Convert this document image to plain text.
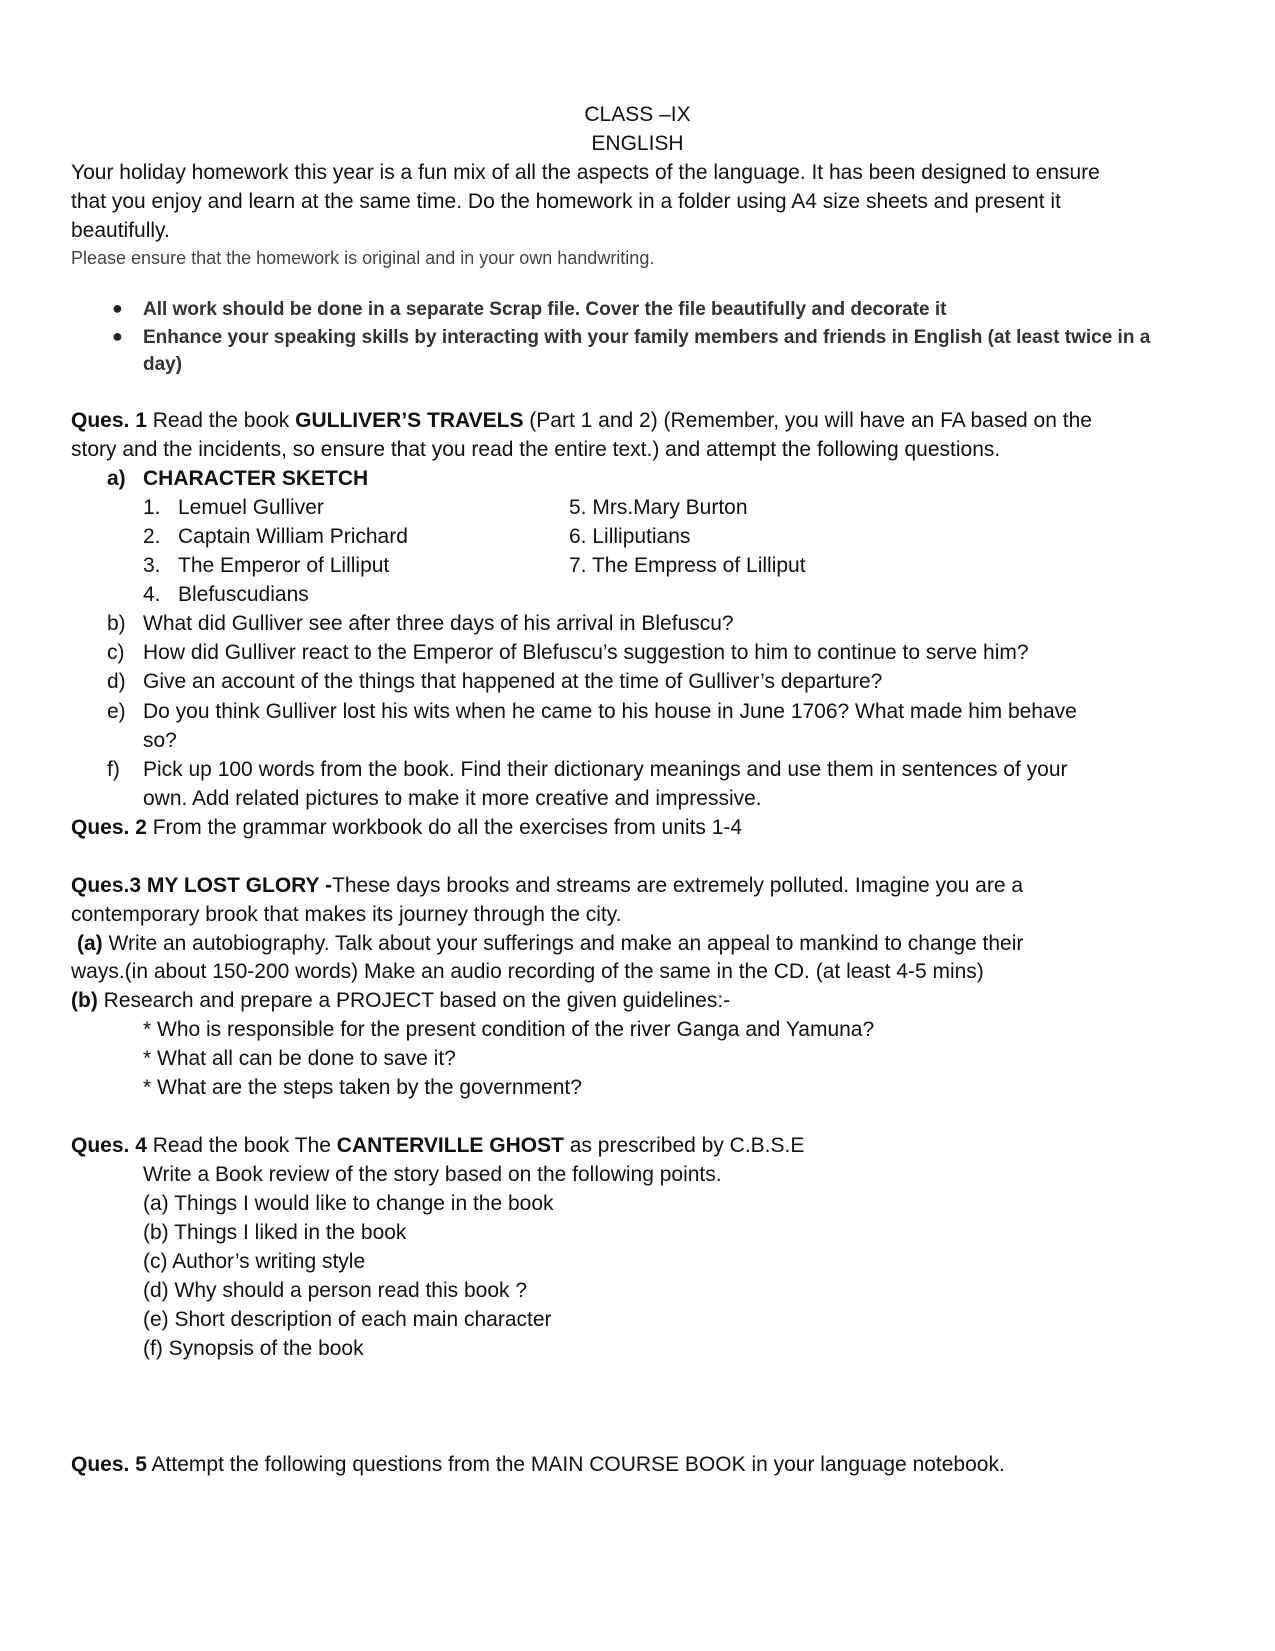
CLASS –IX
ENGLISH
Your holiday homework this year is a fun mix of all the aspects of the language. It has been designed to ensure
that you enjoy and learn at the same time. Do the homework in a folder using A4 size sheets and present it
beautifully.
Please ensure that the homework is original and in your own handwriting.
● All work should be done in a separate Scrap file. Cover the file beautifully and decorate it
● Enhance your speaking skills by interacting with your family members and friends in English (at least twice in a
day)
Ques. 1 Read the book GULLIVER’S TRAVELS (Part 1 and 2) (Remember, you will have an FA based on the
story and the incidents, so ensure that you read the entire text.) and attempt the following questions.
a) CHARACTER SKETCH
1. Lemuel Gulliver
2. Captain William Prichard
3. The Emperor of Lilliput
4. Blefuscudians
5. Mrs.Mary Burton
6. Lilliputians
7. The Empress of Lilliput
b) What did Gulliver see after three days of his arrival in Blefuscu?
c) How did Gulliver react to the Emperor of Blefuscu’s suggestion to him to continue to serve him?
d) Give an account of the things that happened at the time of Gulliver’s departure?
e) Do you think Gulliver lost his wits when he came to his house in June 1706? What made him behave
so?
f) Pick up 100 words from the book. Find their dictionary meanings and use them in sentences of your
own. Add related pictures to make it more creative and impressive.
Ques. 2 From the grammar workbook do all the exercises from units 1-4
Ques.3 MY LOST GLORY -These days brooks and streams are extremely polluted. Imagine you are a
contemporary brook that makes its journey through the city.
(a) Write an autobiography. Talk about your sufferings and make an appeal to mankind to change their
ways.(in about 150-200 words) Make an audio recording of the same in the CD. (at least 4-5 mins)
(b) Research and prepare a PROJECT based on the given guidelines:-
* Who is responsible for the present condition of the river Ganga and Yamuna?
* What all can be done to save it?
* What are the steps taken by the government?
Ques. 4 Read the book The CANTERVILLE GHOST as prescribed by C.B.S.E
Write a Book review of the story based on the following points.
(a) Things I would like to change in the book
(b) Things I liked in the book
(c) Author’s writing style
(d) Why should a person read this book ?
(e) Short description of each main character
(f) Synopsis of the book
Ques. 5 Attempt the following questions from the MAIN COURSE BOOK in your language notebook.
